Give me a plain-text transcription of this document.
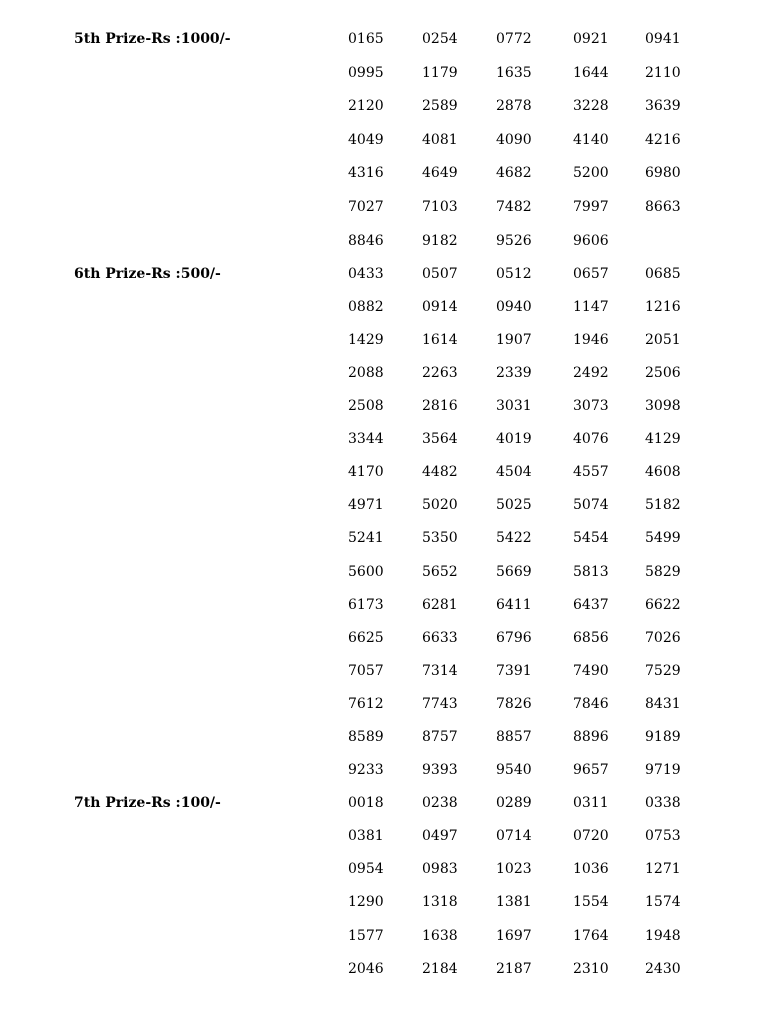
5th Prize-Rs :1000/-	0165	0254	0772	0921	0941
0995	1179	1635	1644	2110
2120	2589	2878	3228	3639
4049	4081	4090	4140	4216
4316	4649	4682	5200	6980
7027	7103	7482	7997	8663
8846	9182	9526	9606
6th Prize-Rs :500/-	0433	0507	0512	0657	0685
0882	0914	0940	1147	1216
1429	1614	1907	1946	2051
2088	2263	2339	2492	2506
2508	2816	3031	3073	3098
3344	3564	4019	4076	4129
4170	4482	4504	4557	4608
4971	5020	5025	5074	5182
5241	5350	5422	5454	5499
5600	5652	5669	5813	5829
6173	6281	6411	6437	6622
6625	6633	6796	6856	7026
7057	7314	7391	7490	7529
7612	7743	7826	7846	8431
8589	8757	8857	8896	9189
9233	9393	9540	9657	9719
7th Prize-Rs :100/-	0018	0238	0289	0311	0338
0381	0497	0714	0720	0753
0954	0983	1023	1036	1271
1290	1318	1381	1554	1574
1577	1638	1697	1764	1948
2046	2184	2187	2310	2430
